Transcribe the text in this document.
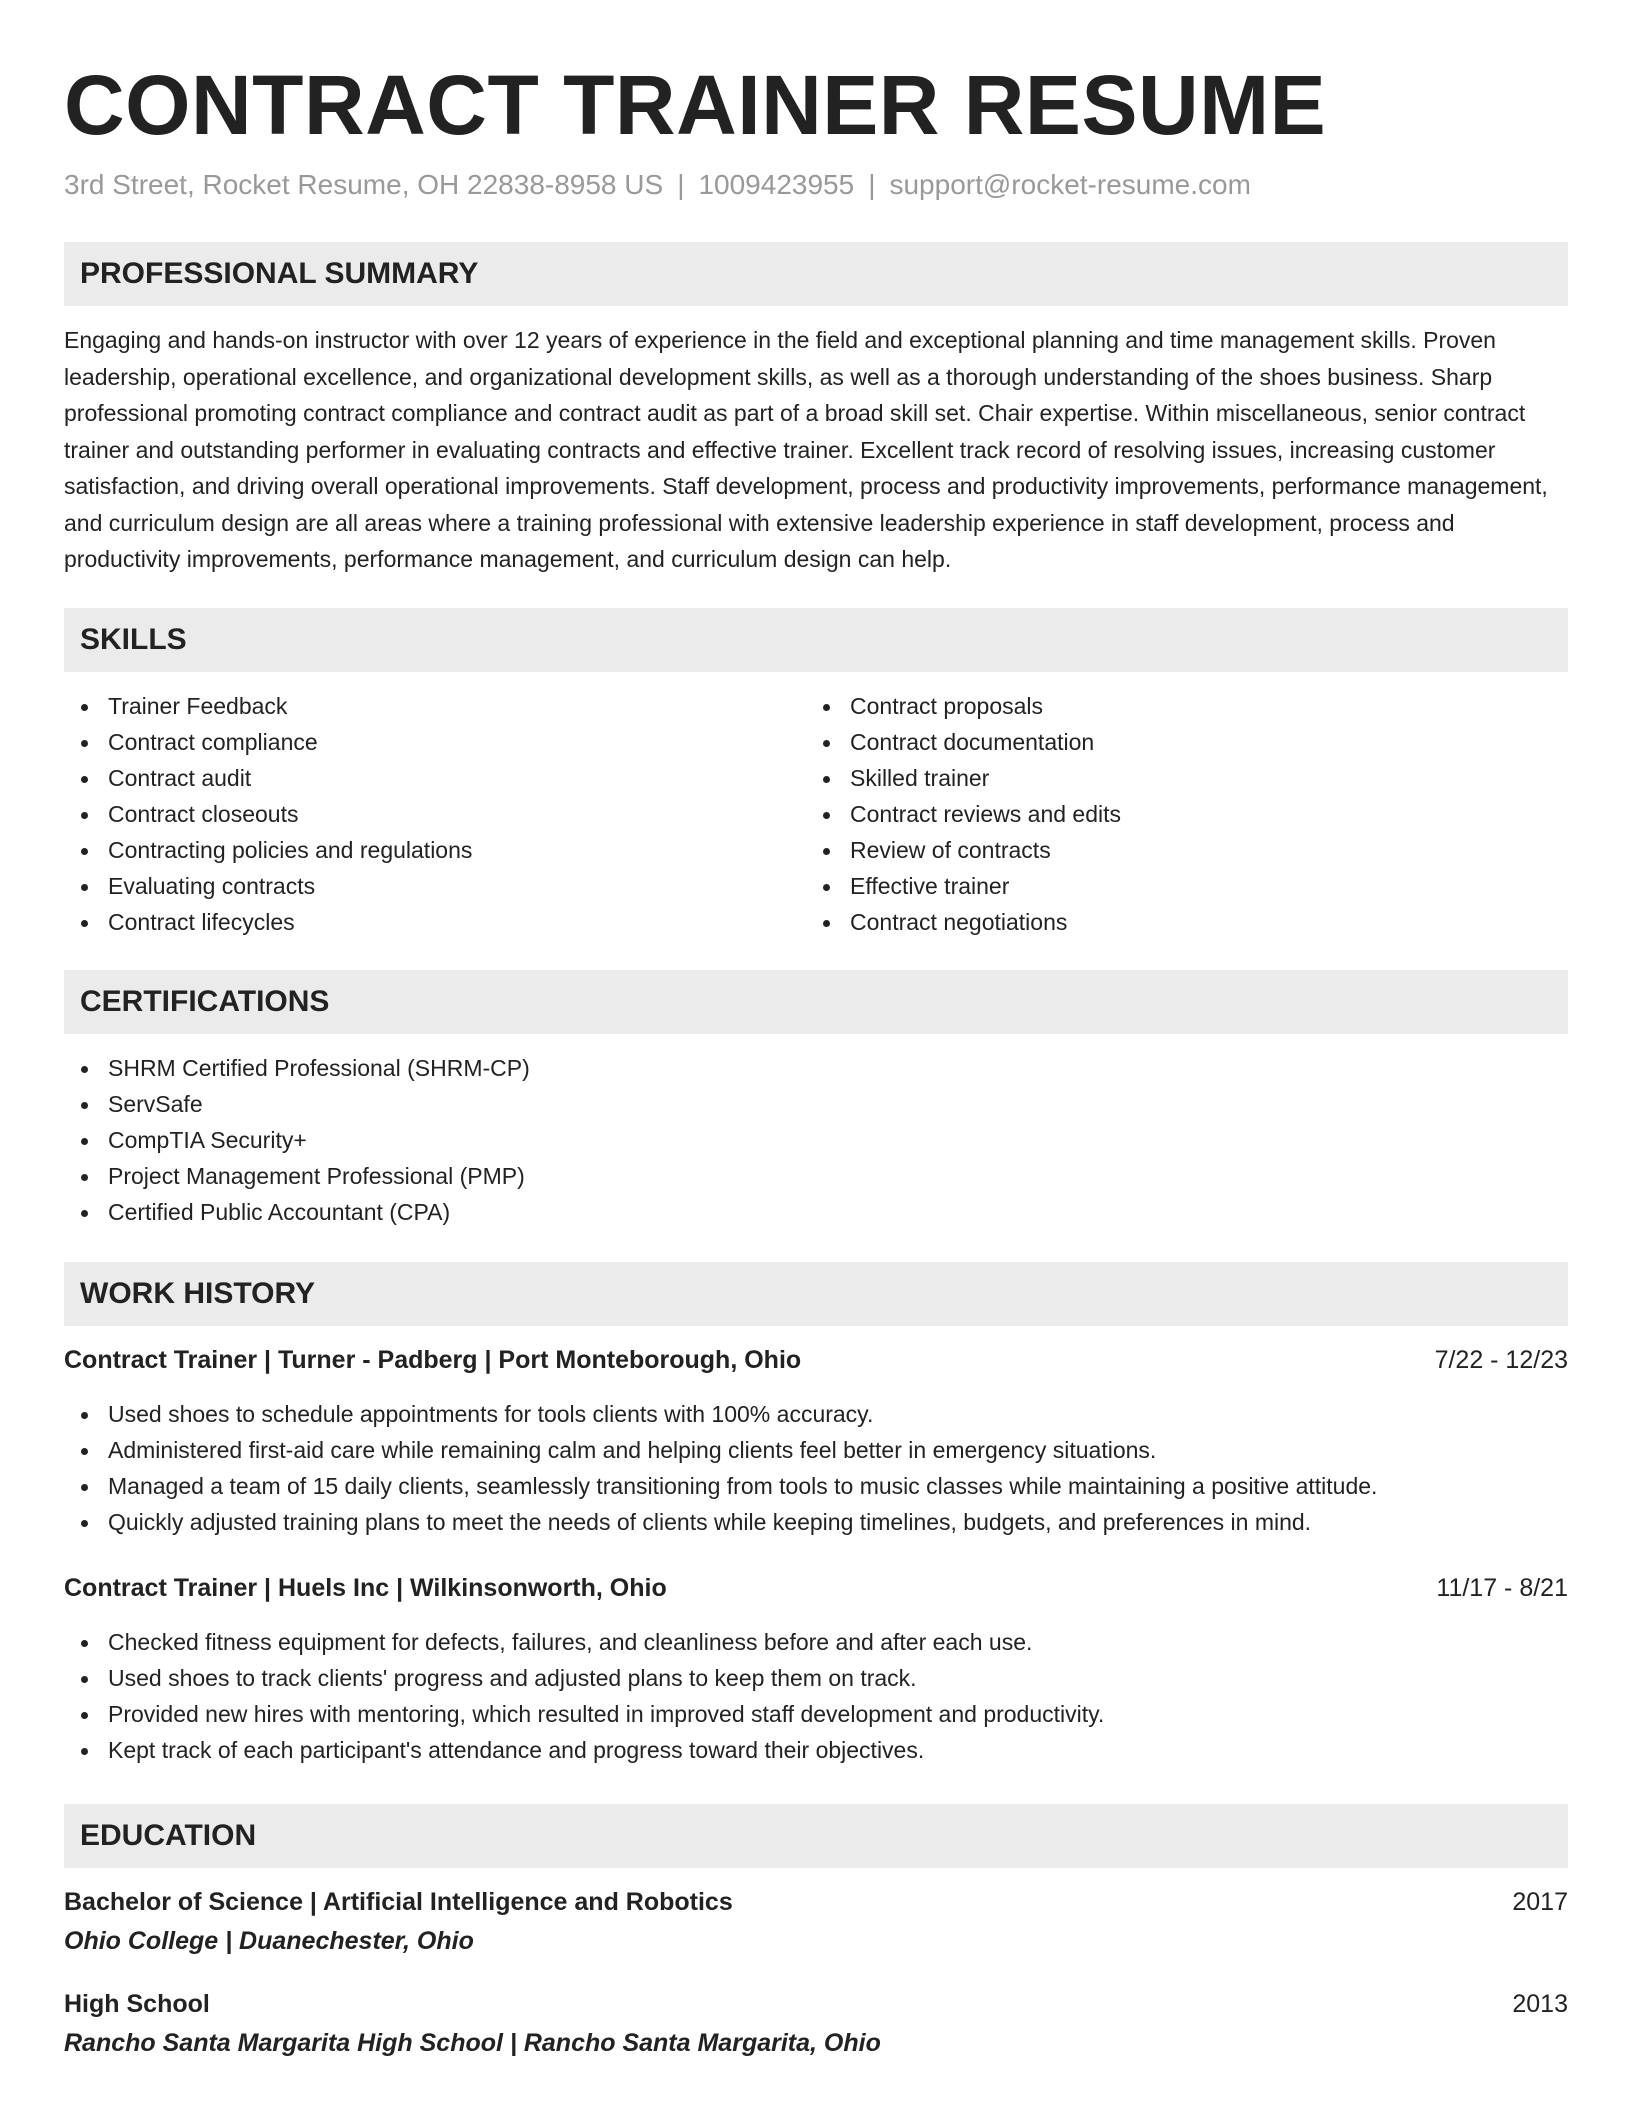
CONTRACT TRAINER RESUME
3rd Street, Rocket Resume, OH 22838-8958 US | 1009423955 | support@rocket-resume.com
PROFESSIONAL SUMMARY
Engaging and hands-on instructor with over 12 years of experience in the field and exceptional planning and time management skills. Proven leadership, operational excellence, and organizational development skills, as well as a thorough understanding of the shoes business. Sharp professional promoting contract compliance and contract audit as part of a broad skill set. Chair expertise. Within miscellaneous, senior contract trainer and outstanding performer in evaluating contracts and effective trainer. Excellent track record of resolving issues, increasing customer satisfaction, and driving overall operational improvements. Staff development, process and productivity improvements, performance management, and curriculum design are all areas where a training professional with extensive leadership experience in staff development, process and productivity improvements, performance management, and curriculum design can help.
SKILLS
Trainer Feedback
Contract compliance
Contract audit
Contract closeouts
Contracting policies and regulations
Evaluating contracts
Contract lifecycles
Contract proposals
Contract documentation
Skilled trainer
Contract reviews and edits
Review of contracts
Effective trainer
Contract negotiations
CERTIFICATIONS
SHRM Certified Professional (SHRM-CP)
ServSafe
CompTIA Security+
Project Management Professional (PMP)
Certified Public Accountant (CPA)
WORK HISTORY
Contract Trainer | Turner - Padberg | Port Monteborough, Ohio	7/22 - 12/23
Used shoes to schedule appointments for tools clients with 100% accuracy.
Administered first-aid care while remaining calm and helping clients feel better in emergency situations.
Managed a team of 15 daily clients, seamlessly transitioning from tools to music classes while maintaining a positive attitude.
Quickly adjusted training plans to meet the needs of clients while keeping timelines, budgets, and preferences in mind.
Contract Trainer | Huels Inc | Wilkinsonworth, Ohio	11/17 - 8/21
Checked fitness equipment for defects, failures, and cleanliness before and after each use.
Used shoes to track clients' progress and adjusted plans to keep them on track.
Provided new hires with mentoring, which resulted in improved staff development and productivity.
Kept track of each participant's attendance and progress toward their objectives.
EDUCATION
Bachelor of Science | Artificial Intelligence and Robotics	2017
Ohio College | Duanechester, Ohio
High School	2013
Rancho Santa Margarita High School | Rancho Santa Margarita, Ohio
